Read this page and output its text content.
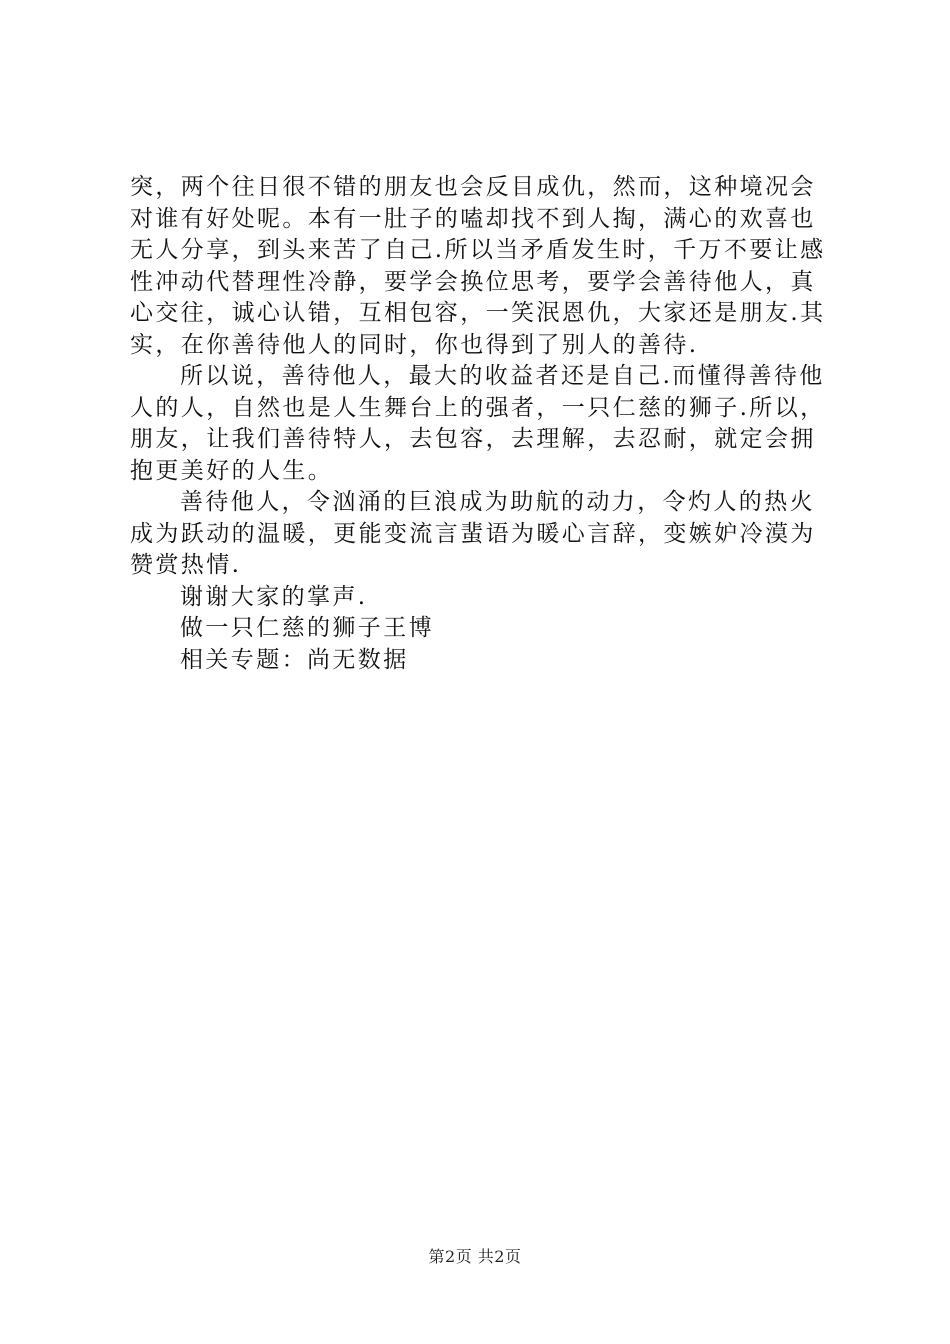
突，两个往日很不错的朋友也会反目成仇，然而，这种境况会
对谁有好处呢。本有一肚子的嗑却找不到人掏，满心的欢喜也
无人分享，到头来苦了自己.所以当矛盾发生时，千万不要让感
性冲动代替理性冷静，要学会换位思考，要学会善待他人，真
心交往，诚心认错，互相包容，一笑泯恩仇，大家还是朋友.其
实，在你善待他人的同时，你也得到了别人的善待.
所以说，善待他人，最大的收益者还是自己.而懂得善待他
人的人，自然也是人生舞台上的强者，一只仁慈的狮子.所以，
朋友，让我们善待特人，去包容，去理解，去忍耐，就定会拥
抱更美好的人生。
善待他人，令汹涌的巨浪成为助航的动力，令灼人的热火
成为跃动的温暖，更能变流言蜚语为暖心言辞，变嫉妒冷漠为
赞赏热情.
谢谢大家的掌声.
做一只仁慈的狮子王博
相关专题：尚无数据
第2页 共2页
